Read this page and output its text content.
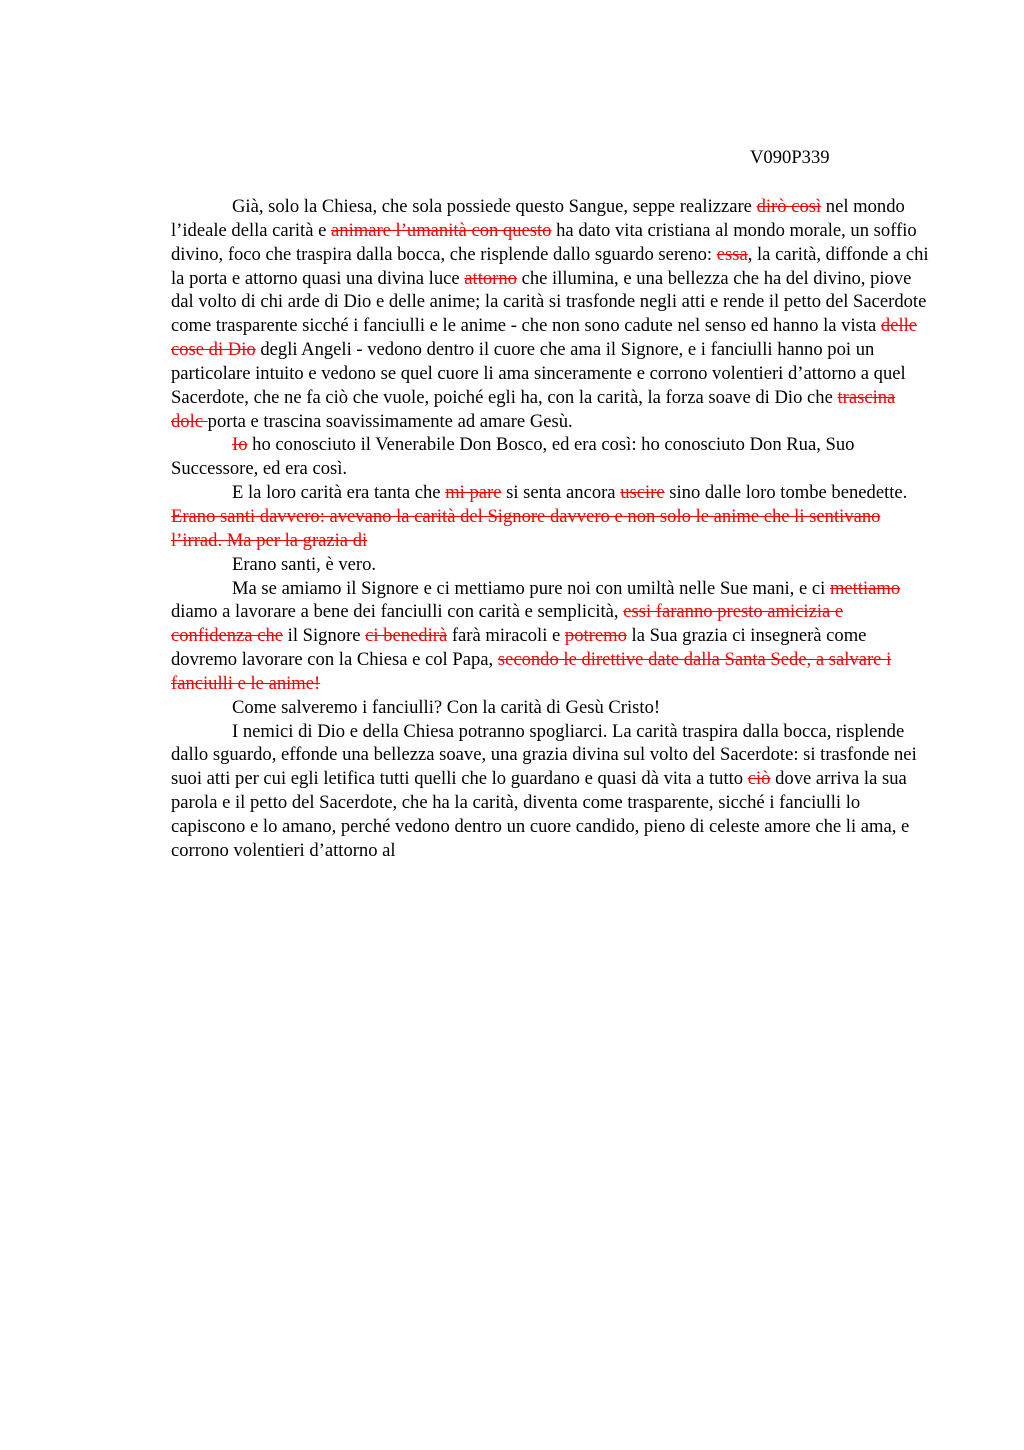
V090P339

Già, solo la Chiesa, che sola possiede questo Sangue, seppe realizzare dirò così nel mondo l’ideale della carità e animare l’umanità con questo ha dato vita cristiana al mondo morale, un soffio divino, foco che traspira dalla bocca, che risplende dallo sguardo sereno: essa, la carità, diffonde a chi la porta e attorno quasi una divina luce attorno che illumina, e una bellezza che ha del divino, piove dal volto di chi arde di Dio e delle anime; la carità si trasfonde negli atti e rende il petto del Sacerdote come trasparente sicché i fanciulli e le anime - che non sono cadute nel senso ed hanno la vista delle cose di Dio degli Angeli - vedono dentro il cuore che ama il Signore, e i fanciulli hanno poi un particolare intuito e vedono se quel cuore li ama sinceramente e corrono volentieri d’attorno a quel Sacerdote, che ne fa ciò che vuole, poiché egli ha, con la carità, la forza soave di Dio che trascina dolc porta e trascina soavissimamente ad amare Gesù.

Io ho conosciuto il Venerabile Don Bosco, ed era così: ho conosciuto Don Rua, Suo Successore, ed era così.

E la loro carità era tanta che mi pare si senta ancora uscire sino dalle loro tombe benedette. Erano santi davvero: avevano la carità del Signore davvero e non solo le anime che li sentivano l’irrad. Ma per la grazia di

Erano santi, è vero.

Ma se amiamo il Signore e ci mettiamo pure noi con umiltà nelle Sue mani, e ci mettiamo diamo a lavorare a bene dei fanciulli con carità e semplicità, essi faranno presto amicizia e confidenza che il Signore ci benedirà farà miracoli e potremo la Sua grazia ci insegnerà come dovremo lavorare con la Chiesa e col Papa, secondo le direttive date dalla Santa Sede, a salvare i fanciulli e le anime!

Come salveremo i fanciulli? Con la carità di Gesù Cristo!

I nemici di Dio e della Chiesa potranno spogliarci. La carità traspira dalla bocca, risplende dallo sguardo, effonde una bellezza soave, una grazia divina sul volto del Sacerdote: si trasfonde nei suoi atti per cui egli letifica tutti quelli che lo guardano e quasi dà vita a tutto ciò dove arriva la sua parola e il petto del Sacerdote, che ha la carità, diventa come trasparente, sicché i fanciulli lo capiscono e lo amano, perché vedono dentro un cuore candido, pieno di celeste amore che li ama, e corrono volentieri d’attorno al
